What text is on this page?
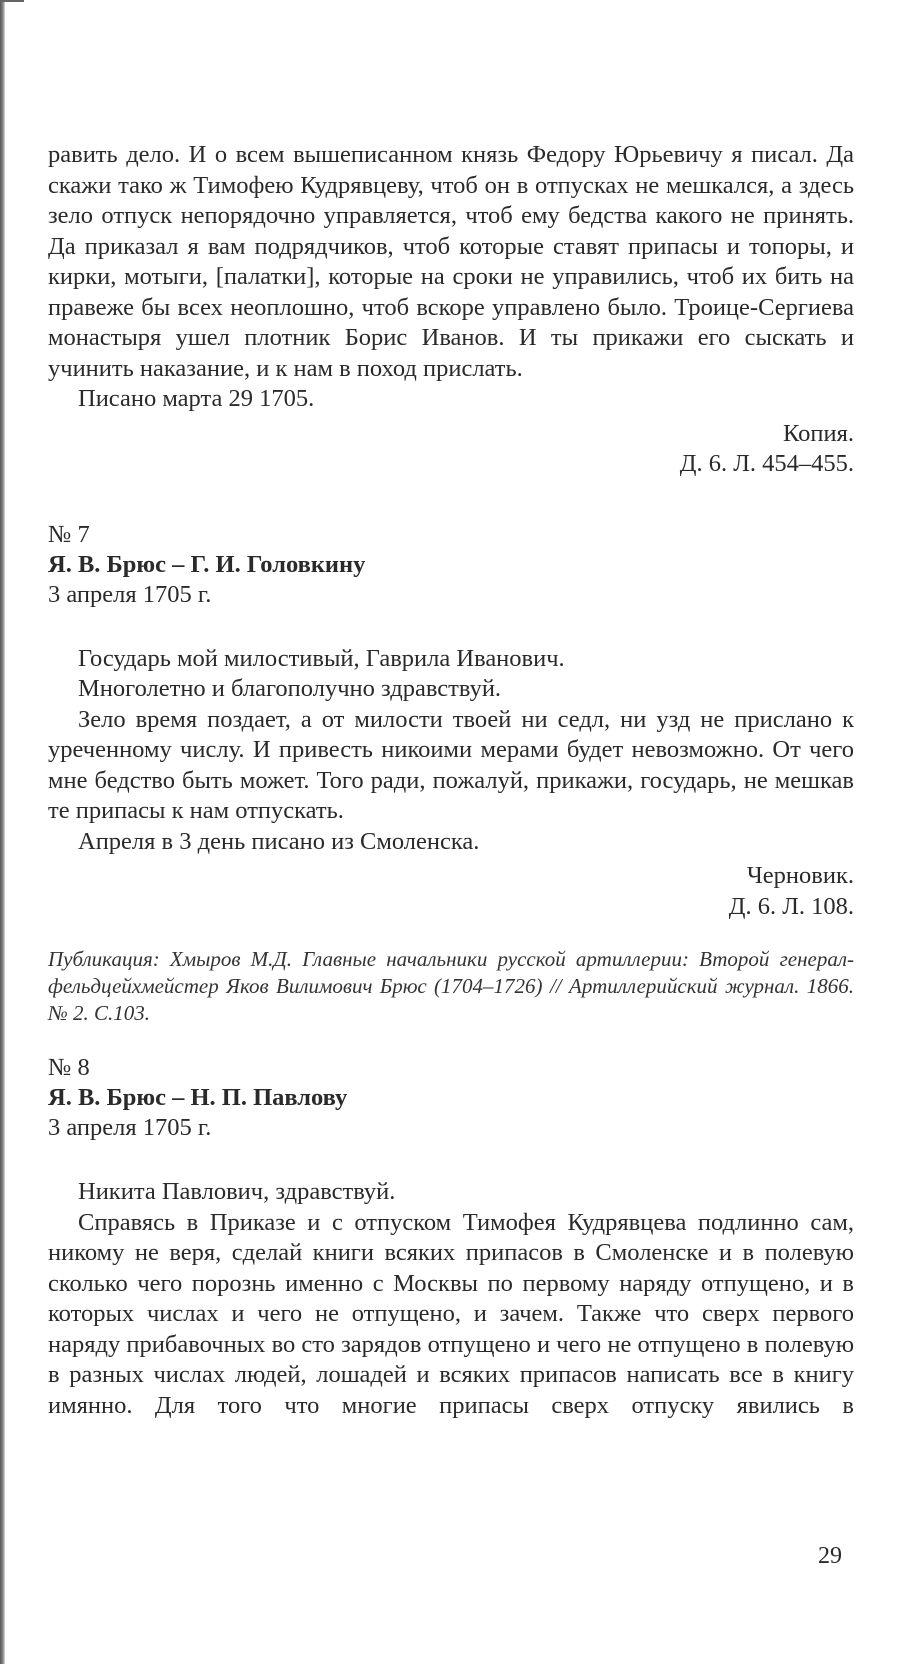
равить дело. И о всем вышеписанном князь Федору Юрьевичу я писал. Да скажи тако ж Тимофею Кудрявцеву, чтоб он в отпусках не мешкался, а здесь зело отпуск непорядочно управляется, чтоб ему бедства какого не принять. Да приказал я вам подрядчиков, чтоб которые ставят припасы и топоры, и кирки, мотыги, [палатки], которые на сроки не управились, чтоб их бить на правеже бы всех неоплошно, чтоб вскоре управлено было. Троице-Сергиева монастыря ушел плотник Борис Иванов. И ты прикажи его сыскать и учинить наказание, и к нам в поход прислать.

Писано марта 29 1705.

Копия.

Д. 6. Л. 454–455.

№ 7

Я. В. Брюс – Г. И. Головкину

3 апреля 1705 г.

Государь мой милостивый, Гаврила Иванович.

Многолетно и благополучно здравствуй.

Зело время поздает, а от милости твоей ни седл, ни узд не прислано к уреченному числу. И привесть никоими мерами будет невозможно. От чего мне бедство быть может. Того ради, пожалуй, прикажи, государь, не мешкав те припасы к нам отпускать.

Апреля в 3 день писано из Смоленска.

Черновик.

Д. 6. Л. 108.

Публикация: Хмыров М.Д. Главные начальники русской артиллерии: Второй генерал-фельдцейхмейстер Яков Вилимович Брюс (1704–1726) // Артиллерийский журнал. 1866. № 2. С.103.

№ 8

Я. В. Брюс – Н. П. Павлову

3 апреля 1705 г.

Никита Павлович, здравствуй.

Справясь в Приказе и с отпуском Тимофея Кудрявцева подлинно сам, никому не веря, сделай книги всяких припасов в Смоленске и в полевую сколько чего порознь именно с Москвы по первому наряду отпущено, и в которых числах и чего не отпущено, и зачем. Также что сверх первого наряду прибавочных во сто зарядов отпущено и чего не отпущено в полевую в разных числах людей, лошадей и всяких припасов написать все в книгу имянно. Для того что многие припасы сверх отпуску явились в

29
